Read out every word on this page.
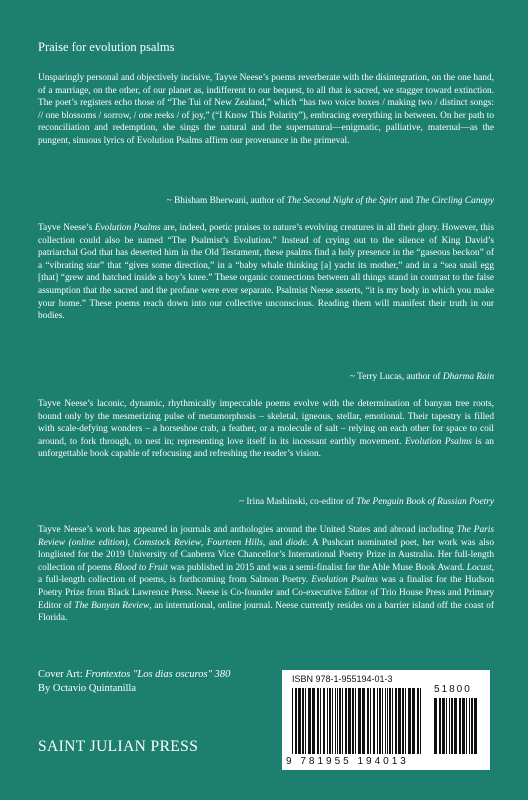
Praise for evolution psalms

Unsparingly personal and objectively incisive, Tayve Neese’s poems reverberate with the disintegration, on the one hand, of a marriage, on the other, of our planet as, indifferent to our bequest, to all that is sacred, we stagger toward extinction. The poet’s registers echo those of “The Tui of New Zealand,” which “has two voice boxes / making two / distinct songs: // one blossoms / sorrow, / one reeks / of joy,” (“I Know This Polarity”), embracing everything in between. On her path to reconciliation and redemption, she sings the natural and the supernatural—enigmatic, palliative, maternal—as the pungent, sinuous lyrics of Evolution Psalms affirm our provenance in the primeval.

~ Bhisham Bherwani, author of The Second Night of the Spirt and The Circling Canopy

Tayve Neese’s Evolution Psalms are, indeed, poetic praises to nature’s evolving creatures in all their glory. However, this collection could also be named “The Psalmist’s Evolution.” Instead of crying out to the silence of King David’s patriarchal God that has deserted him in the Old Testament, these psalms find a holy presence in the “gaseous beckon” of a “vibrating star” that “gives some direction,” in a “baby whale thinking [a] yacht its mother,” and in a “sea snail egg [that] “grew and hatched inside a boy’s knee.” These organic connections between all things stand in contrast to the false assumption that the sacred and the profane were ever separate. Psalmist Neese asserts, “it is my body in which you make your home.” These poems reach down into our collective unconscious. Reading them will manifest their truth in our bodies.

~ Terry Lucas, author of Dharma Rain

Tayve Neese’s laconic, dynamic, rhythmically impeccable poems evolve with the determination of banyan tree roots, bound only by the mesmerizing pulse of metamorphosis – skeletal, igneous, stellar, emotional. Their tapestry is filled with scale-defying wonders – a horseshoe crab, a feather, or a molecule of salt – relying on each other for space to coil around, to fork through, to nest in; representing love itself in its incessant earthly movement. Evolution Psalms is an unforgettable book capable of refocusing and refreshing the reader’s vision.

~ Irina Mashinski, co-editor of The Penguin Book of Russian Poetry

Tayve Neese’s work has appeared in journals and anthologies around the United States and abroad including The Paris Review (online edition), Comstock Review, Fourteen Hills, and diode. A Pushcart nominated poet, her work was also longlisted for the 2019 University of Canberra Vice Chancellor’s International Poetry Prize in Australia. Her full-length collection of poems Blood to Fruit was published in 2015 and was a semi-finalist for the Able Muse Book Award. Locust, a full-length collection of poems, is forthcoming from Salmon Poetry. Evolution Psalms was a finalist for the Hudson Poetry Prize from Black Lawrence Press. Neese is Co-founder and Co-executive Editor of Trio House Press and Primary Editor of The Banyan Review, an international, online journal. Neese currently resides on a barrier island off the coast of Florida.

Cover Art: Frontextos "Los dias oscuros" 380
By Octavio Quintanilla
SAINT JULIAN PRESS
ISBN 978-1-955194-01-3
51800
9 781955 194013
